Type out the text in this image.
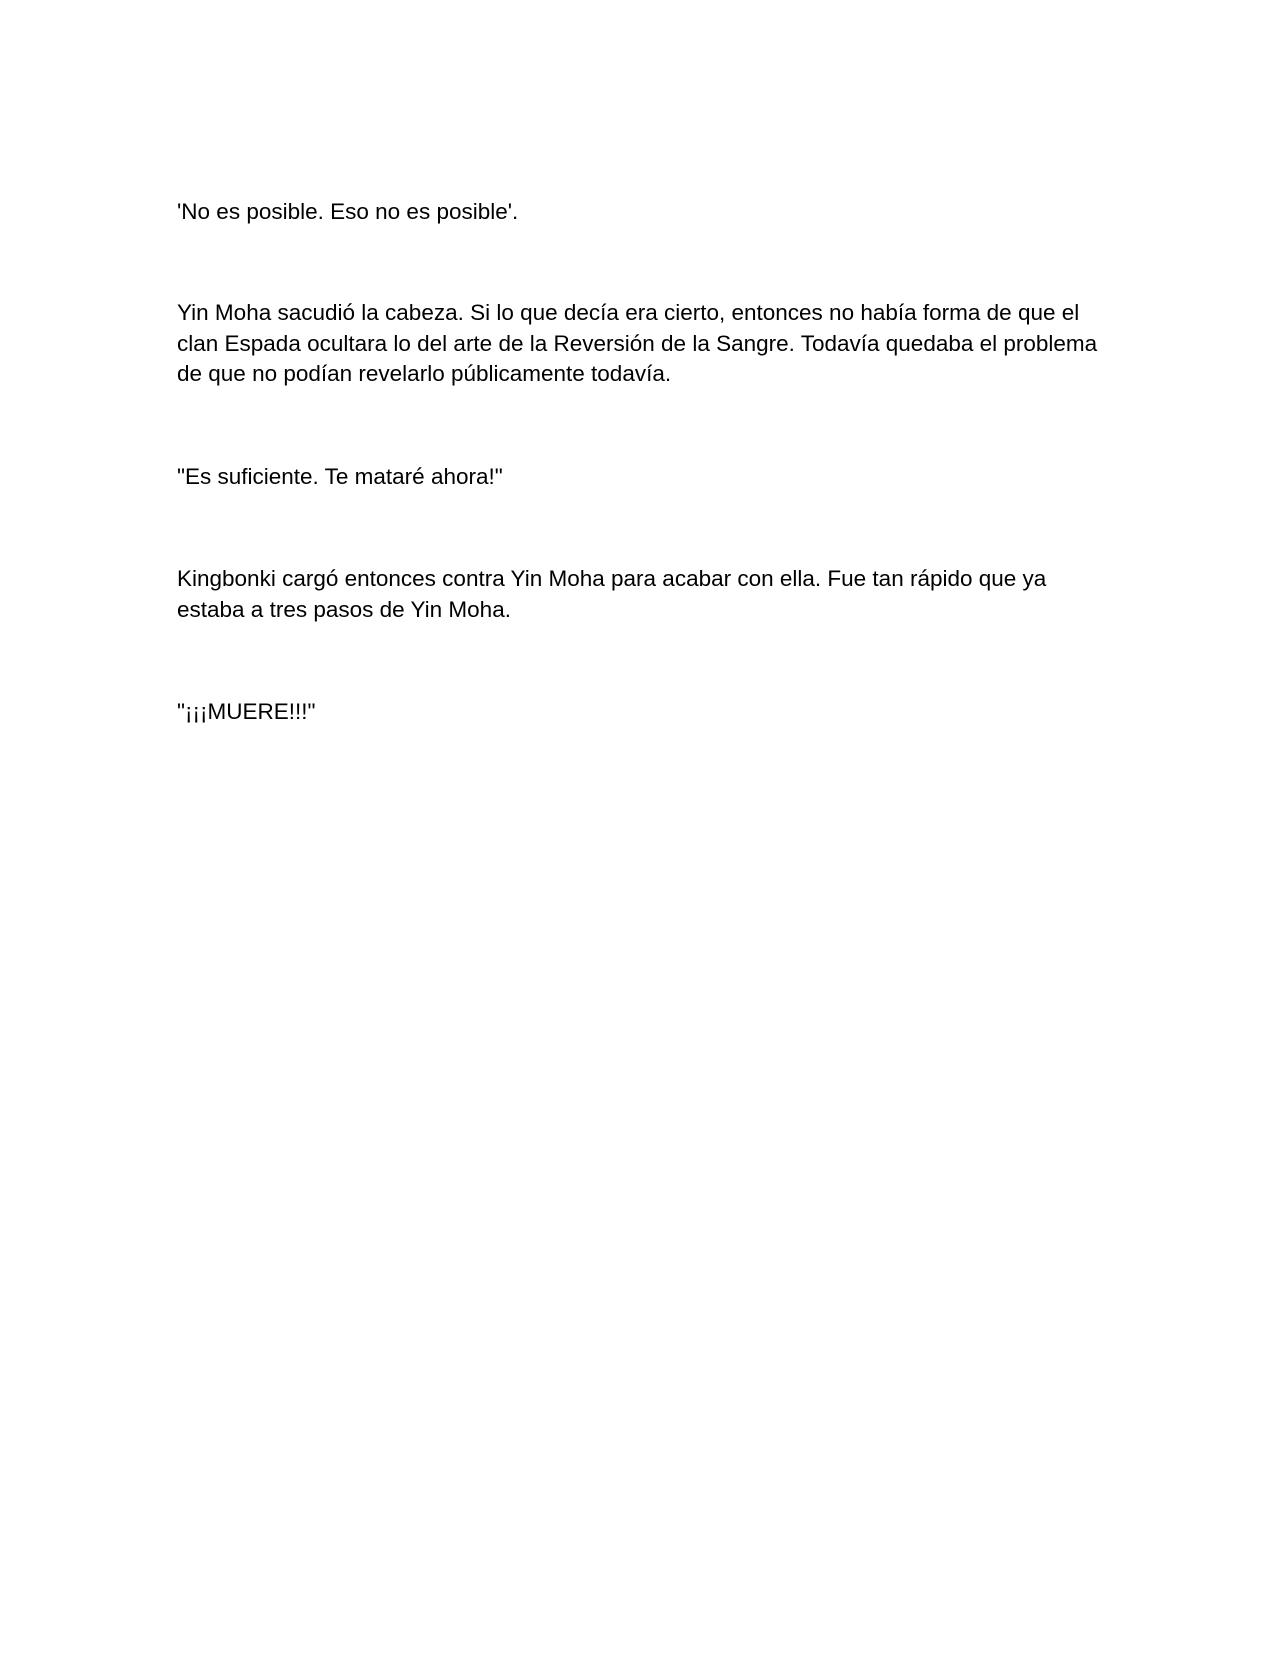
'No es posible. Eso no es posible'.

Yin Moha sacudió la cabeza. Si lo que decía era cierto, entonces no había forma de que el clan Espada ocultara lo del arte de la Reversión de la Sangre. Todavía quedaba el problema de que no podían revelarlo públicamente todavía.

"Es suficiente. Te mataré ahora!"

Kingbonki cargó entonces contra Yin Moha para acabar con ella. Fue tan rápido que ya estaba a tres pasos de Yin Moha.

"¡¡¡MUERE!!!"
